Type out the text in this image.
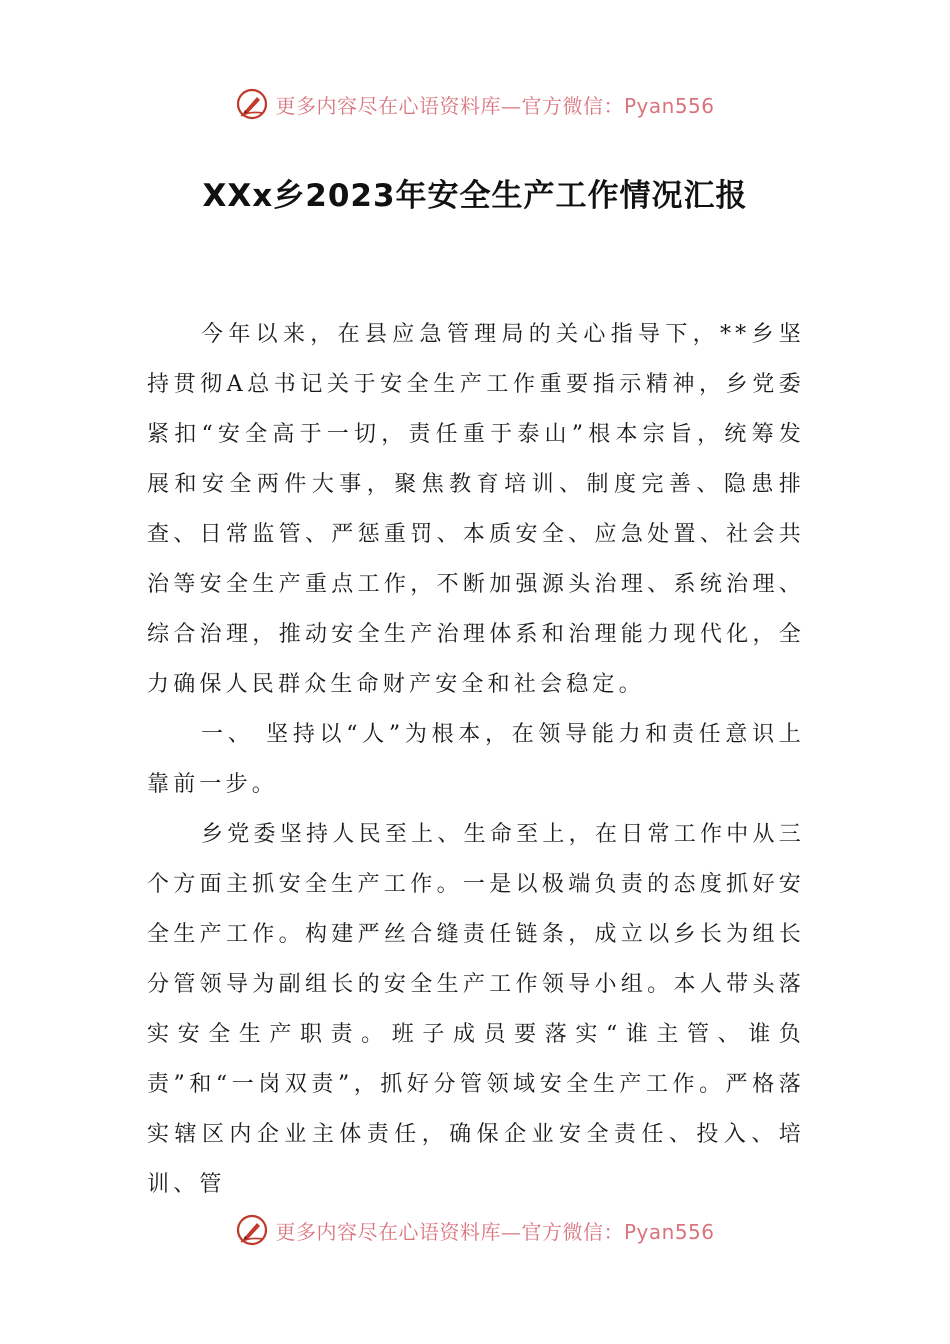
更多内容尽在心语资料库—官方微信：Pyan556
XXx乡2023年安全生产工作情况汇报

今年以来，在县应急管理局的关心指导下，**乡坚持贯彻A总书记关于安全生产工作重要指示精神，乡党委紧扣“安全高于一切，责任重于泰山”根本宗旨，统筹发展和安全两件大事，聚焦教育培训、制度完善、隐患排查、日常监管、严惩重罚、本质安全、应急处置、社会共治等安全生产重点工作，不断加强源头治理、系统治理、综合治理，推动安全生产治理体系和治理能力现代化，全力确保人民群众生命财产安全和社会稳定。

一、 坚持以“人”为根本，在领导能力和责任意识上靠前一步。

乡党委坚持人民至上、生命至上，在日常工作中从三个方面主抓安全生产工作。一是以极端负责的态度抓好安全生产工作。构建严丝合缝责任链条，成立以乡长为组长分管领导为副组长的安全生产工作领导小组。本人带头落实安全生产职责。班子成员要落实“谁主管、谁负责”和“一岗双责”，抓好分管领域安全生产工作。严格落实辖区内企业主体责任，确保企业安全责任、投入、培训、管

更多内容尽在心语资料库—官方微信：Pyan556
